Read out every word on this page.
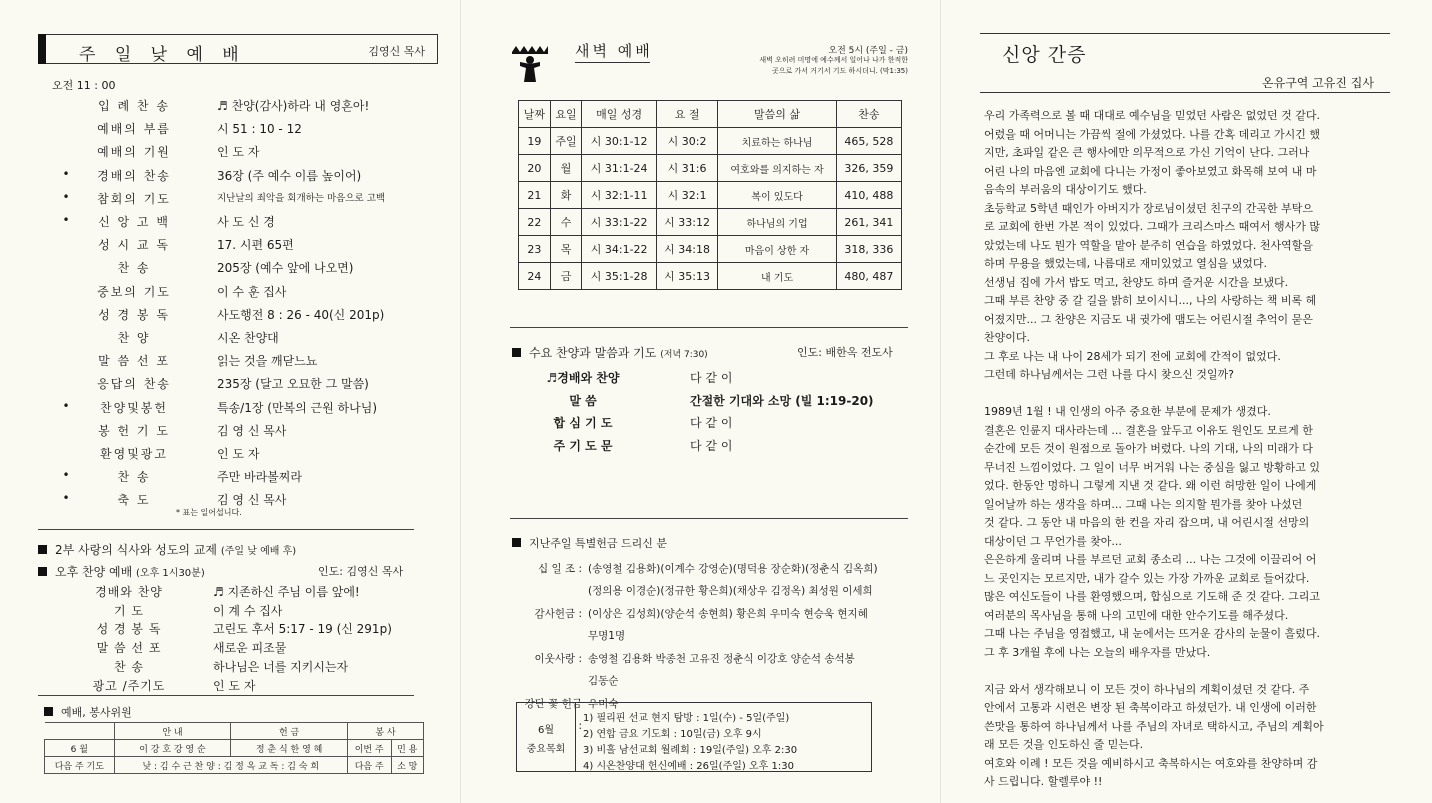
주 일 낮 예 배	김영신 목사
오전 11 : 00
입 례 찬 송	♬ 찬양(감사)하라 내 영혼아!
예배의 부름	시 51 : 10 - 12
예배의 기원	인 도 자
•	경배의 찬송	36장 (주 예수 이름 높이어)
•	참회의 기도	지난날의 죄악을 회개하는 마음으로 고백
•	신 앙 고 백	사 도 신 경
성 시 교 독	17. 시편 65편
찬 송	205장 (예수 앞에 나오면)
중보의 기도	이 수 훈 집사
성 경 봉 독	사도행전 8 : 26 - 40(신 201p)
찬 양	시온 찬양대
말 씀 선 포	읽는 것을 깨닫느뇨
응답의 찬송	235장 (달고 오묘한 그 말씀)
•	찬양및봉헌	특송/1장 (만복의 근원 하나님)
봉 헌 기 도	김 영 신 목사
환영및광고	인 도 자
•	찬 송	주만 바라볼찌라
•	축 도	김 영 신 목사
* 표는 일어섭니다.
2부 사랑의 식사와 성도의 교제 (주일 낮 예배 후)
오후 찬양 예배 (오후 1시30분)	인도: 김영신 목사
경배와 찬양	♬ 지존하신 주님 이름 앞에!
기 도	이 계 수 집사
성 경 봉 독	고린도 후서 5:17 - 19 (신 291p)
말 씀 선 포	새로운 피조물
찬 송	하나님은 너를 지키시는자
광고 /주기도	인 도 자
예배, 봉사위원
	안 내	헌 금	봉 사	
6 월	이 강 호 강 영 순	정 춘 식 한 영 혜	이번 주	민 용
다음 주 기도	낮 : 김 수 근 찬 양 : 김 정 옥 교 독 : 김 숙 희		다음 주	소 망
새벽 예배	오전 5시 (주일 - 금)
새벽 오히려 미명에 예수께서 일어나 나가 한적한
곳으로 가서 거기서 기도 하시더니. (막1:35)
날짜	요일	매일 성경	요 절	말씀의 삶	찬송
19	주일	시 30:1-12	시 30:2	치료하는 하나님	465, 528
20	월	시 31:1-24	시 31:6	여호와를 의지하는 자	326, 359
21	화	시 32:1-11	시 32:1	복이 있도다	410, 488
22	수	시 33:1-22	시 33:12	하나님의 기업	261, 341
23	목	시 34:1-22	시 34:18	마음이 상한 자	318, 336
24	금	시 35:1-28	시 35:13	내 기도	480, 487
수요 찬양과 말씀과 기도 (저녁 7:30)	인도: 배한옥 전도사
♬경배와 찬양	다 같 이
말 씀	간절한 기대와 소망 (빌 1:19-20)
합 심 기 도	다 같 이
주 기 도 문	다 같 이
지난주일 특별헌금 드리신 분
십 일 조 : (송영철 김용화)(이계수 강영순)(명덕용 장순화)(정춘식 김옥희)
(정의용 이경순)(정규한 황은희)(채상우 김정옥) 최성원 이세희
감사헌금 : (이상은 김성희)(양순석 송현희) 황은희 우미숙 현승욱 현지혜
무명1명
이웃사랑 : 송영철 김용화 박종천 고유진 정춘식 이강호 양순석 송석봉
김동순
강단 꽃 헌금 :
우미숙
6월
중요목회
1) 필리핀 선교 현지 탐방 : 1일(수) - 5일(주일)
2) 연합 금요 기도회 : 10일(금) 오후 9시
3) 비홀 남선교회 월례회 : 19일(주일) 오후 2:30
4) 시온찬양대 헌신예배 : 26일(주일) 오후 1:30
신앙 간증
온유구역 고유진 집사
우리 가족력으로 볼 때 대대로 예수님을 믿었던 사람은 없었던 것 같다.
어렸을 때 어머니는 가끔씩 절에 가셨었다. 나를 간혹 데리고 가시긴 했
지만, 초파일 같은 큰 행사에만 의무적으로 가신 기억이 난다. 그러나
어린 나의 마음엔 교회에 다니는 가정이 좋아보였고 화목해 보여 내 마
음속의 부러움의 대상이기도 했다.
초등학교 5학년 때인가 아버지가 장로님이셨던 친구의 간곡한 부탁으
로 교회에 한번 가본 적이 있었다. 그때가 크리스마스 때여서 행사가 많
았었는데 나도 뭔가 역할을 맡아 분주히 연습을 하였었다. 천사역할을
하며 무용을 했었는데, 나름대로 재미있었고 열심을 냈었다.
선생님 집에 가서 밥도 먹고, 찬양도 하며 즐거운 시간을 보냈다.
그때 부른 찬양 중 갈 길을 밝히 보이시니..., 나의 사랑하는 책 비록 헤
어졌지만... 그 찬양은 지금도 내 귓가에 맴도는 어린시절 추억이 묻은
찬양이다.
그 후로 나는 내 나이 28세가 되기 전에 교회에 간적이 없었다.
그런데 하나님께서는 그런 나를 다시 찾으신 것일까?
1989년 1월 ! 내 인생의 아주 중요한 부분에 문제가 생겼다.
결혼은 인륜지 대사라는데 ... 결혼을 앞두고 이유도 원인도 모르게 한
순간에 모든 것이 원점으로 돌아가 버렸다. 나의 기대, 나의 미래가 다
무너진 느낌이었다. 그 일이 너무 버거워 나는 중심을 잃고 방황하고 있
었다. 한동안 멍하니 그렇게 지낸 것 같다. 왜 이런 허망한 일이 나에게
일어날까 하는 생각을 하며... 그때 나는 의지할 뭔가를 찾아 나섰던
것 같다. 그 동안 내 마음의 한 컨을 자리 잡으며, 내 어린시절 선망의
대상이던 그 무언가를 찾아...
은은하게 울리며 나를 부르던 교회 종소리 ... 나는 그것에 이끌리어 어
느 곳인지는 모르지만, 내가 갈수 있는 가장 가까운 교회로 들어갔다.
많은 여신도들이 나를 환영했으며, 합심으로 기도해 준 것 같다. 그리고
여러분의 목사님을 통해 나의 고민에 대한 안수기도를 해주셨다.
그때 나는 주님을 영접했고, 내 눈에서는 뜨거운 감사의 눈물이 흘렀다.
그 후 3개월 후에 나는 오늘의 배우자를 만났다.
지금 와서 생각해보니 이 모든 것이 하나님의 계획이셨던 것 같다. 주
안에서 고통과 시련은 변장 된 축복이라고 하셨던가. 내 인생에 이러한
쓴맛을 통하여 하나님께서 나를 주님의 자녀로 택하시고, 주님의 계획아
래 모든 것을 인도하신 줄 믿는다.
여호와 이례 ! 모든 것을 예비하시고 축복하시는 여호와를 찬양하며 감
사 드립니다. 할렐루야 !!
